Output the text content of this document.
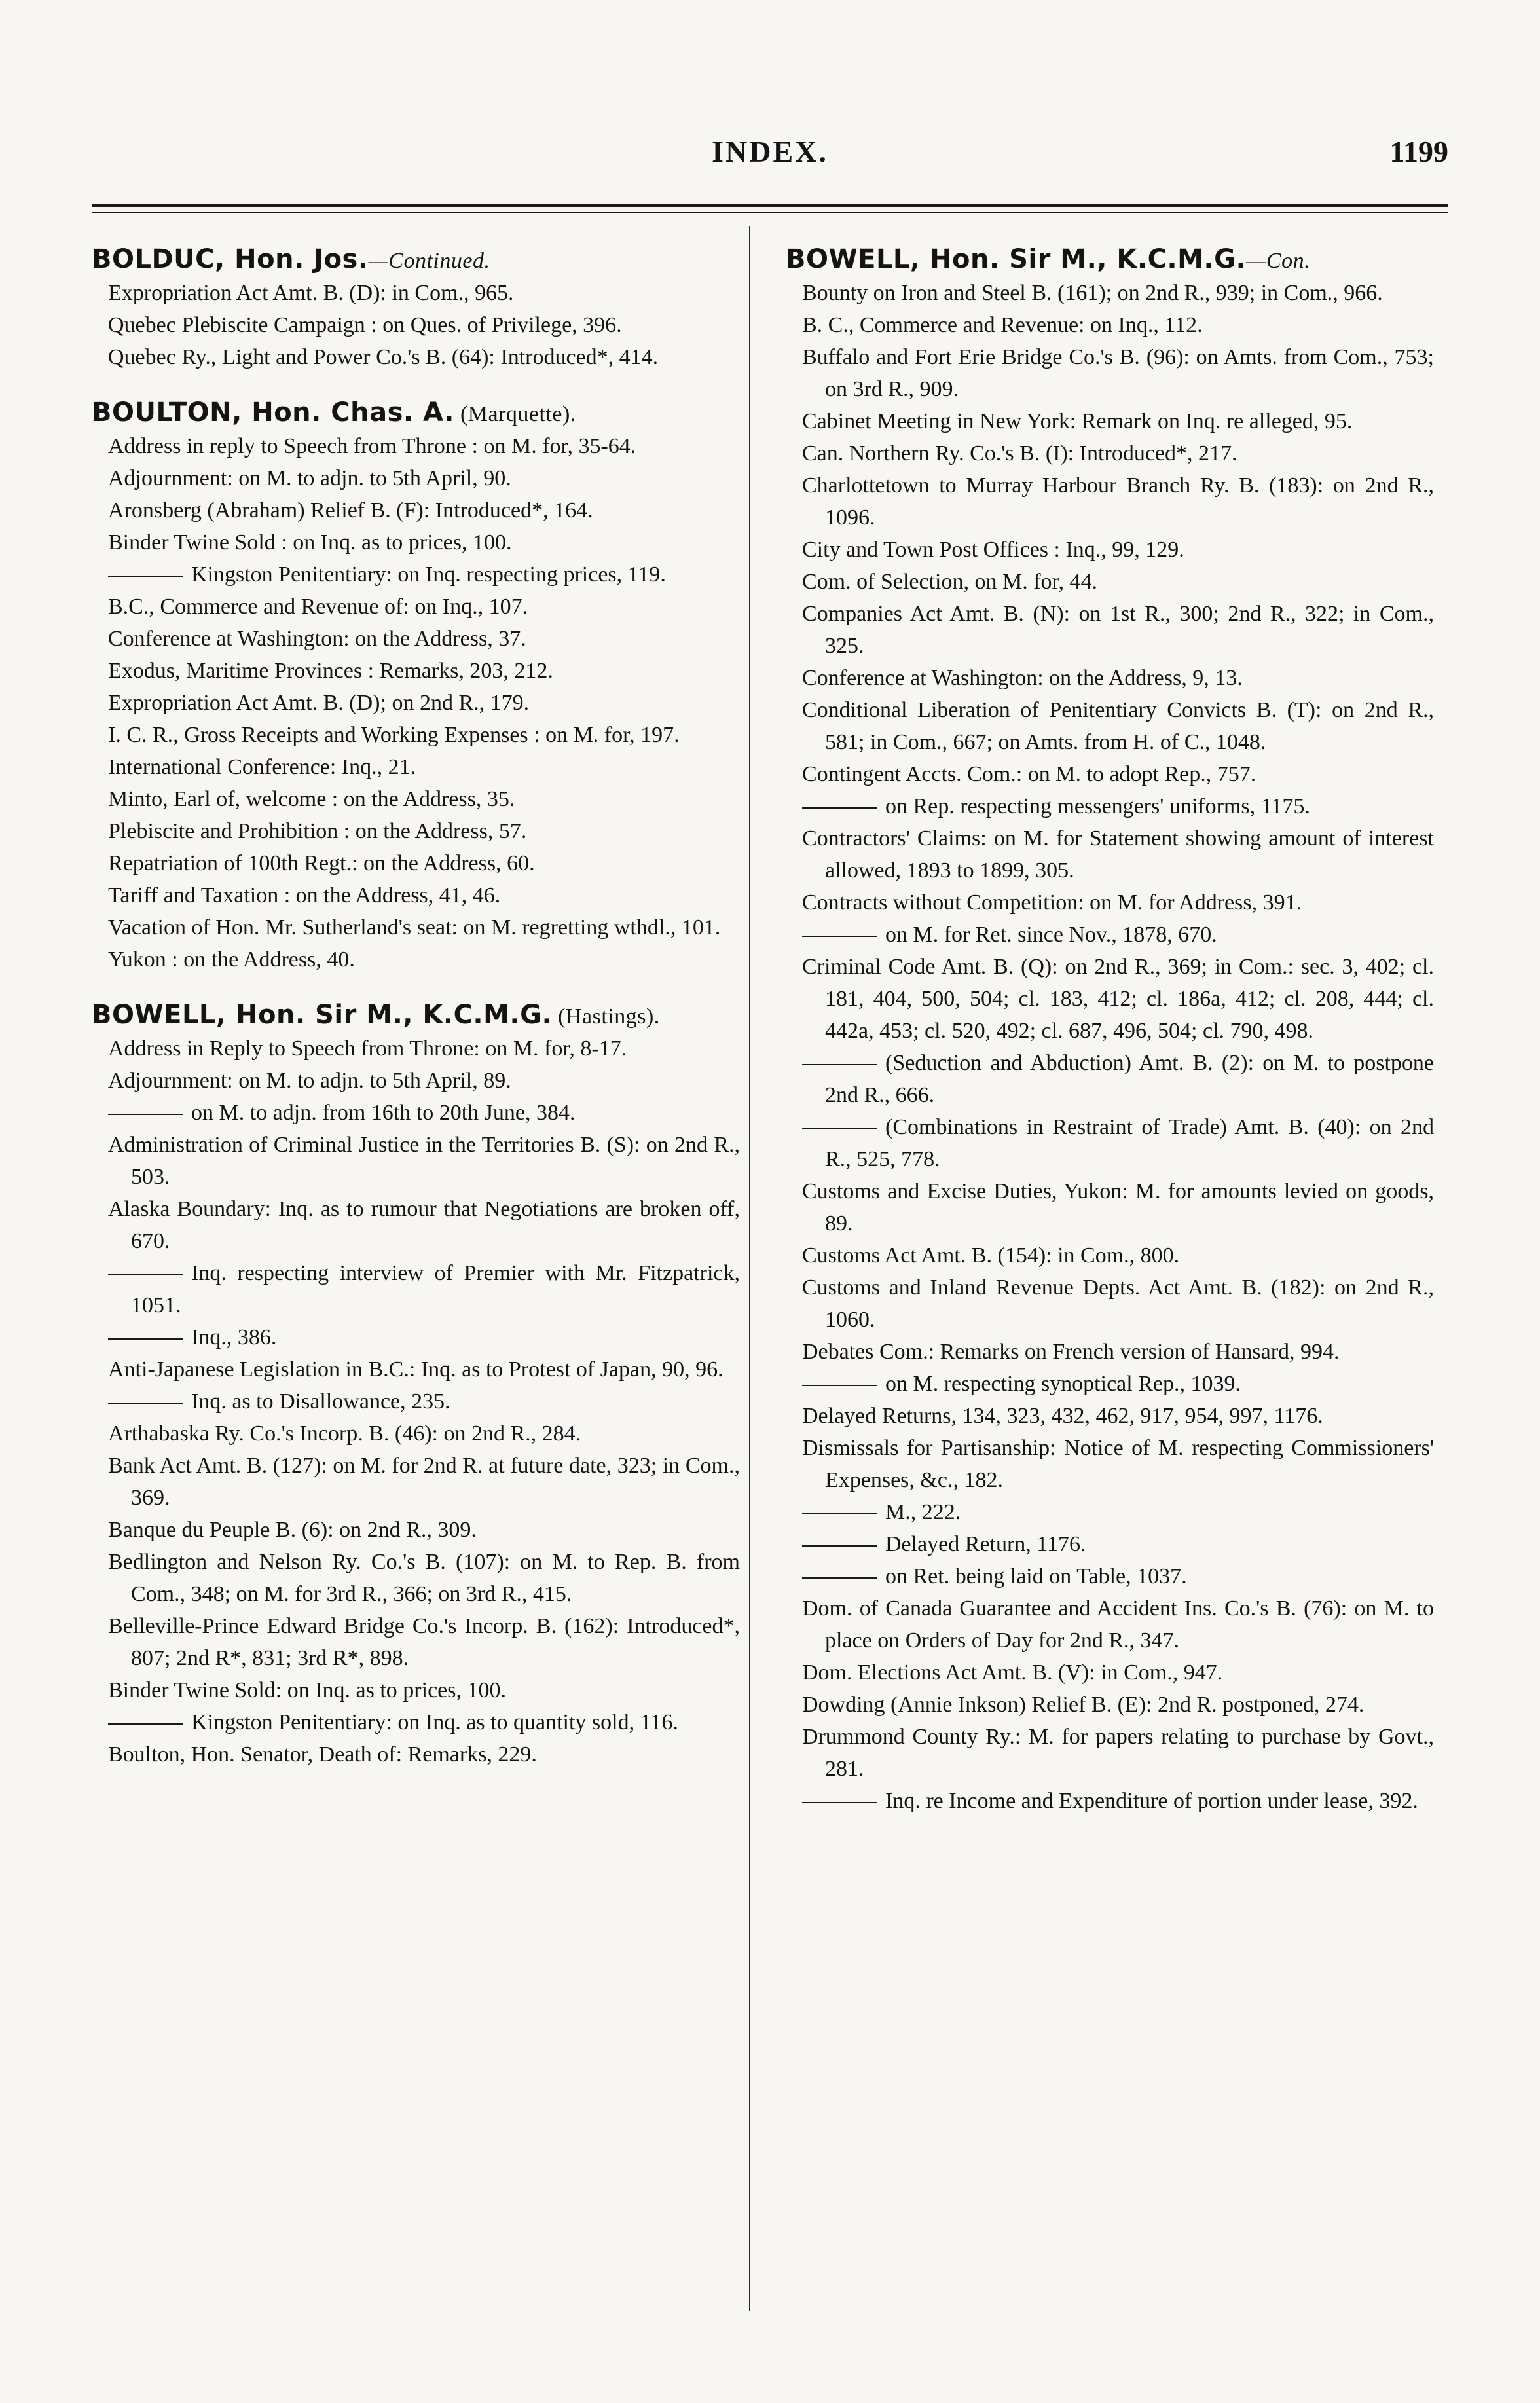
INDEX.	1199
BOLDUC, Hon. Jos.—Continued.
Expropriation Act Amt. B. (D): in Com., 965.
Quebec Plebiscite Campaign : on Ques. of Privilege, 396.
Quebec Ry., Light and Power Co.'s B. (64): Introduced*, 414.
BOULTON, Hon. Chas. A. (Marquette).
Address in reply to Speech from Throne : on M. for, 35-64.
Adjournment: on M. to adjn. to 5th April, 90.
Aronsberg (Abraham) Relief B. (F): Introduced*, 164.
Binder Twine Sold : on Inq. as to prices, 100.
Kingston Penitentiary: on Inq. respecting prices, 119.
B.C., Commerce and Revenue of: on Inq., 107.
Conference at Washington: on the Address, 37.
Exodus, Maritime Provinces : Remarks, 203, 212.
Expropriation Act Amt. B. (D); on 2nd R., 179.
I. C. R., Gross Receipts and Working Expenses : on M. for, 197.
International Conference: Inq., 21.
Minto, Earl of, welcome : on the Address, 35.
Plebiscite and Prohibition : on the Address, 57.
Repatriation of 100th Regt.: on the Address, 60.
Tariff and Taxation : on the Address, 41, 46.
Vacation of Hon. Mr. Sutherland's seat: on M. regretting wthdl., 101.
Yukon : on the Address, 40.
BOWELL, Hon. Sir M., K.C.M.G. (Hastings).
Address in Reply to Speech from Throne: on M. for, 8-17.
Adjournment: on M. to adjn. to 5th April, 89.
on M. to adjn. from 16th to 20th June, 384.
Administration of Criminal Justice in the Territories B. (S): on 2nd R., 503.
Alaska Boundary: Inq. as to rumour that Negotiations are broken off, 670.
Inq. respecting interview of Premier with Mr. Fitzpatrick, 1051.
Inq., 386.
Anti-Japanese Legislation in B.C.: Inq. as to Protest of Japan, 90, 96.
Inq. as to Disallowance, 235.
Arthabaska Ry. Co.'s Incorp. B. (46): on 2nd R., 284.
Bank Act Amt. B. (127): on M. for 2nd R. at future date, 323; in Com., 369.
Banque du Peuple B. (6): on 2nd R., 309.
Bedlington and Nelson Ry. Co.'s B. (107): on M. to Rep. B. from Com., 348; on M. for 3rd R., 366; on 3rd R., 415.
Belleville-Prince Edward Bridge Co.'s Incorp. B. (162): Introduced*, 807; 2nd R*, 831; 3rd R*, 898.
Binder Twine Sold: on Inq. as to prices, 100.
Kingston Penitentiary: on Inq. as to quantity sold, 116.
Boulton, Hon. Senator, Death of: Remarks, 229.
BOWELL, Hon. Sir M., K.C.M.G.—Con.
Bounty on Iron and Steel B. (161); on 2nd R., 939; in Com., 966.
B. C., Commerce and Revenue: on Inq., 112.
Buffalo and Fort Erie Bridge Co.'s B. (96): on Amts. from Com., 753; on 3rd R., 909.
Cabinet Meeting in New York: Remark on Inq. re alleged, 95.
Can. Northern Ry. Co.'s B. (I): Introduced*, 217.
Charlottetown to Murray Harbour Branch Ry. B. (183): on 2nd R., 1096.
City and Town Post Offices : Inq., 99, 129.
Com. of Selection, on M. for, 44.
Companies Act Amt. B. (N): on 1st R., 300; 2nd R., 322; in Com., 325.
Conference at Washington: on the Address, 9, 13.
Conditional Liberation of Penitentiary Convicts B. (T): on 2nd R., 581; in Com., 667; on Amts. from H. of C., 1048.
Contingent Accts. Com.: on M. to adopt Rep., 757.
on Rep. respecting messengers' uniforms, 1175.
Contractors' Claims: on M. for Statement showing amount of interest allowed, 1893 to 1899, 305.
Contracts without Competition: on M. for Address, 391.
on M. for Ret. since Nov., 1878, 670.
Criminal Code Amt. B. (Q): on 2nd R., 369; in Com.: sec. 3, 402; cl. 181, 404, 500, 504; cl. 183, 412; cl. 186a, 412; cl. 208, 444; cl. 442a, 453; cl. 520, 492; cl. 687, 496, 504; cl. 790, 498.
(Seduction and Abduction) Amt. B. (2): on M. to postpone 2nd R., 666.
(Combinations in Restraint of Trade) Amt. B. (40): on 2nd R., 525, 778.
Customs and Excise Duties, Yukon: M. for amounts levied on goods, 89.
Customs Act Amt. B. (154): in Com., 800.
Customs and Inland Revenue Depts. Act Amt. B. (182): on 2nd R., 1060.
Debates Com.: Remarks on French version of Hansard, 994.
on M. respecting synoptical Rep., 1039.
Delayed Returns, 134, 323, 432, 462, 917, 954, 997, 1176.
Dismissals for Partisanship: Notice of M. respecting Commissioners' Expenses, &c., 182.
M., 222.
Delayed Return, 1176.
on Ret. being laid on Table, 1037.
Dom. of Canada Guarantee and Accident Ins. Co.'s B. (76): on M. to place on Orders of Day for 2nd R., 347.
Dom. Elections Act Amt. B. (V): in Com., 947.
Dowding (Annie Inkson) Relief B. (E): 2nd R. postponed, 274.
Drummond County Ry.: M. for papers relating to purchase by Govt., 281.
Inq. re Income and Expenditure of portion under lease, 392.
